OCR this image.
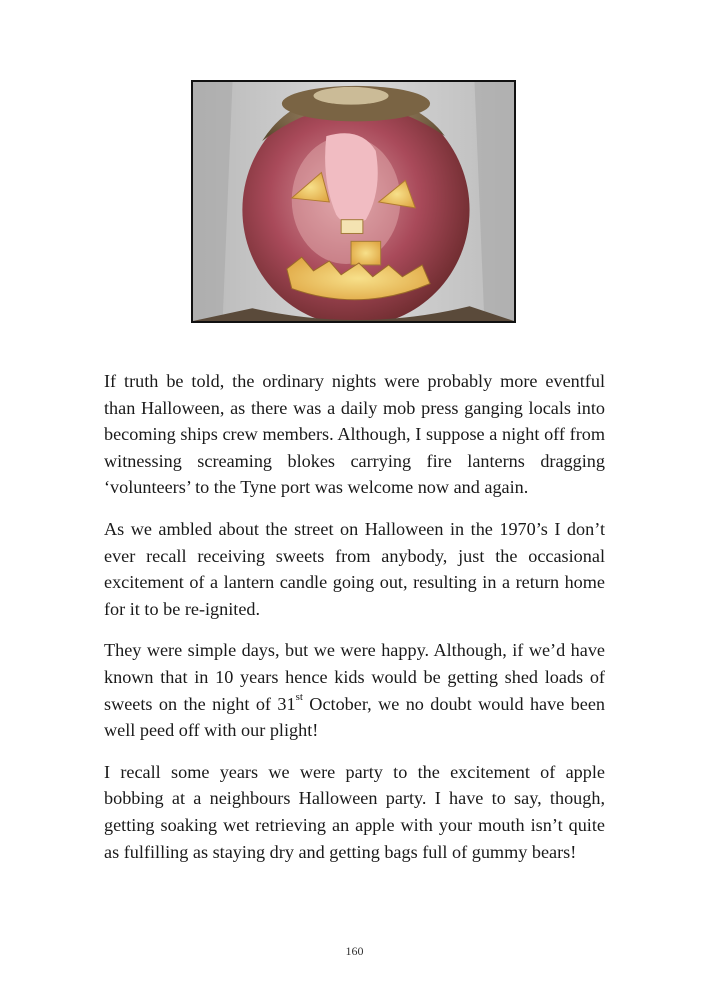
If truth be told, the ordinary nights were probably more eventful than Halloween, as there was a daily mob press ganging locals into becoming ships crew members. Although, I suppose a night off from witnessing screaming blokes carrying fire lanterns dragging ‘volunteers’ to the Tyne port was welcome now and again.

As we ambled about the street on Halloween in the 1970’s I don’t ever recall receiving sweets from anybody, just the occasional excitement of a lantern candle going out, resulting in a return home for it to be re-ignited.

They were simple days, but we were happy. Although, if we’d have known that in 10 years hence kids would be getting shed loads of sweets on the night of 31st October, we no doubt would have been well peed off with our plight!

I recall some years we were party to the excitement of apple bobbing at a neighbours Halloween party. I have to say, though, getting soaking wet retrieving an apple with your mouth isn’t quite as fulfilling as staying dry and getting bags full of gummy bears!

160
